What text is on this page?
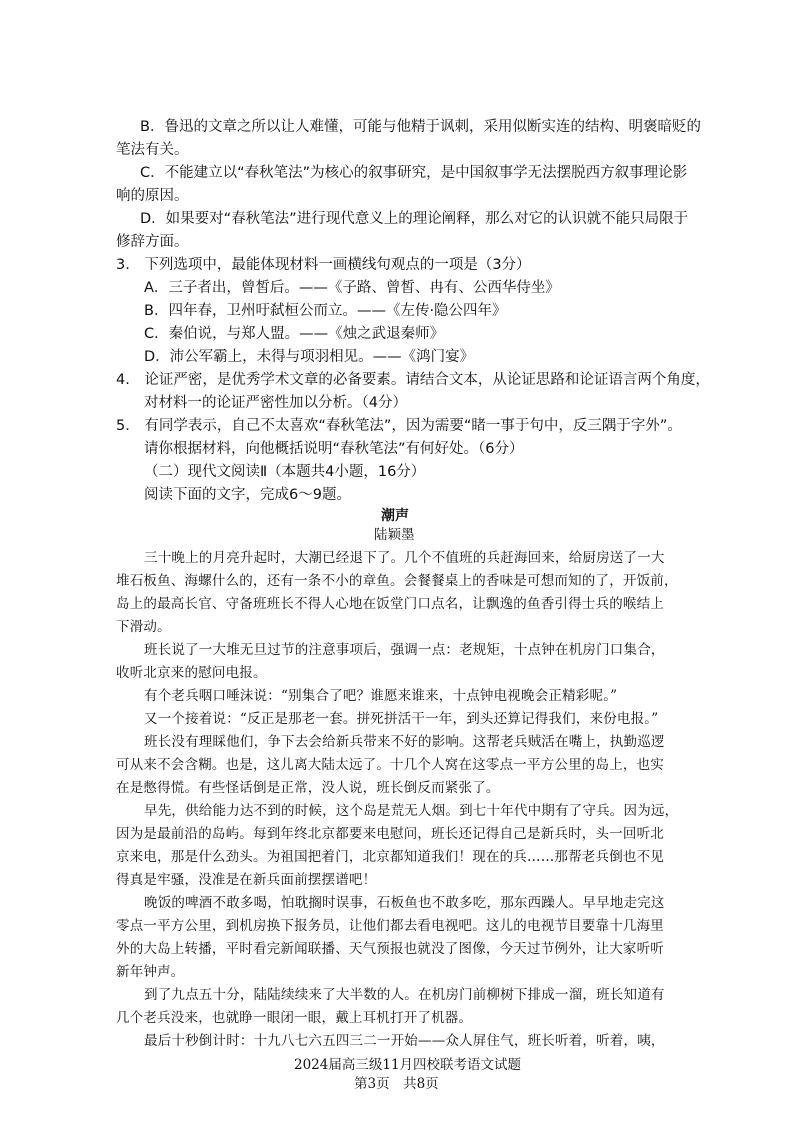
B．鲁迅的文章之所以让人难懂，可能与他精于讽刺，采用似断实连的结构、明褒暗贬的
笔法有关。
C．不能建立以“春秋笔法”为核心的叙事研究，是中国叙事学无法摆脱西方叙事理论影
响的原因。
D．如果要对“春秋笔法”进行现代意义上的理论阐释，那么对它的认识就不能只局限于
修辞方面。
3.　下列选项中，最能体现材料一画横线句观点的一项是（3分）
A．三子者出，曾皙后。——《子路、曾皙、冉有、公西华侍坐》
B．四年春，卫州吁弑桓公而立。——《左传·隐公四年》
C．秦伯说，与郑人盟。——《烛之武退秦师》
D．沛公军霸上，未得与项羽相见。——《鸿门宴》
4.　论证严密，是优秀学术文章的必备要素。请结合文本，从论证思路和论证语言两个角度，
对材料一的论证严密性加以分析。（4分）
5.　有同学表示，自己不太喜欢“春秋笔法”，因为需要“睹一事于句中，反三隅于字外”。
请你根据材料，向他概括说明“春秋笔法”有何好处。（6分）
（二）现代文阅读Ⅱ（本题共4小题，16分）
阅读下面的文字，完成6～9题。
潮声
陆颖墨
三十晚上的月亮升起时，大潮已经退下了。几个不值班的兵赶海回来，给厨房送了一大
堆石板鱼、海螺什么的，还有一条不小的章鱼。会餐餐桌上的香味是可想而知的了，开饭前，
岛上的最高长官、守备班班长不得人心地在饭堂门口点名，让飘逸的鱼香引得士兵的喉结上
下滑动。
班长说了一大堆无旦过节的注意事项后，强调一点：老规矩，十点钟在机房门口集合，
收听北京来的慰问电报。
有个老兵咽口唾沫说：“别集合了吧？谁愿来谁来，十点钟电视晚会正精彩呢。”
又一个接着说：“反正是那老一套。拼死拼活干一年，到头还算记得我们，来份电报。”
班长没有理睬他们，争下去会给新兵带来不好的影响。这帮老兵贼活在嘴上，执勤巡逻
可从来不会含糊。也是，这儿离大陆太远了。十几个人窝在这零点一平方公里的岛上，也实
在是憋得慌。有些怪话倒是正常，没人说，班长倒反而紧张了。
早先，供给能力达不到的时候，这个岛是荒无人烟。到七十年代中期有了守兵。因为远，
因为是最前沿的岛屿。每到年终北京都要来电慰问，班长还记得自己是新兵时，头一回听北
京来电，那是什么劲头。为祖国把着门，北京都知道我们！现在的兵……那帮老兵倒也不见
得真是牢骚，没准是在新兵面前摆摆谱吧！
晚饭的啤酒不敢多喝，怕耽搁时误事，石板鱼也不敢多吃，那东西躁人。早早地走完这
零点一平方公里，到机房换下报务员，让他们都去看电视吧。这儿的电视节目要靠十几海里
外的大岛上转播，平时看完新闻联播、天气预报也就没了图像，今天过节例外，让大家听听
新年钟声。
到了九点五十分，陆陆续续来了大半数的人。在机房门前柳树下排成一溜，班长知道有
几个老兵没来，也就睁一眼闭一眼，戴上耳机打开了机器。
最后十秒倒计时：十九八七六五四三二一开始——众人屏住气，班长听着，听着，咦，
2024届高三级11月四校联考语文试题
第3页　共8页
